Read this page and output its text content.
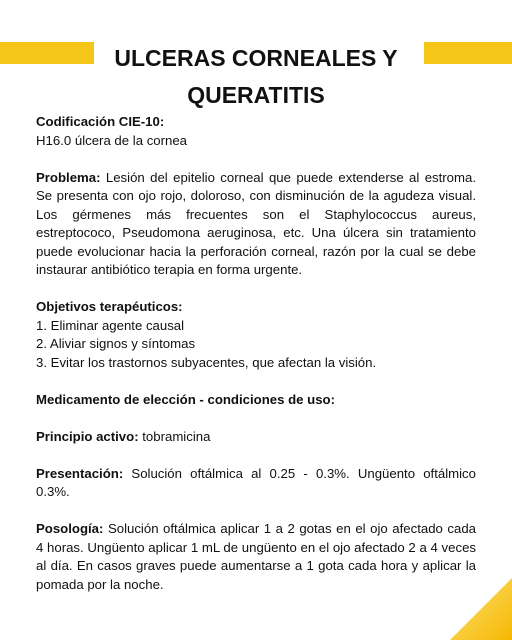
ULCERAS CORNEALES Y
QUERATITIS

Codificación CIE-10:
H16.0 úlcera de la cornea

Problema: Lesión del epitelio corneal que puede extenderse al estroma. Se presenta con ojo rojo, doloroso, con disminución de la agudeza visual. Los gérmenes más frecuentes son el Staphylococcus aureus, estreptococo, Pseudomona aeruginosa, etc. Una úlcera sin tratamiento puede evolucionar hacia la perforación corneal, razón por la cual se debe instaurar antibiótico terapia en forma urgente.

Objetivos terapéuticos:
1. Eliminar agente causal
2. Aliviar signos y síntomas
3. Evitar los trastornos subyacentes, que afectan la visión.

Medicamento de elección - condiciones de uso:

Principio activo: tobramicina

Presentación: Solución oftálmica al 0.25 - 0.3%. Ungüento oftálmico 0.3%.

Posología: Solución oftálmica aplicar 1 a 2 gotas en el ojo afectado cada 4 horas. Ungüento aplicar 1 mL de ungüento en el ojo afectado 2 a 4 veces al día. En casos graves puede aumentarse a 1 gota cada hora y aplicar la pomada por la noche.
